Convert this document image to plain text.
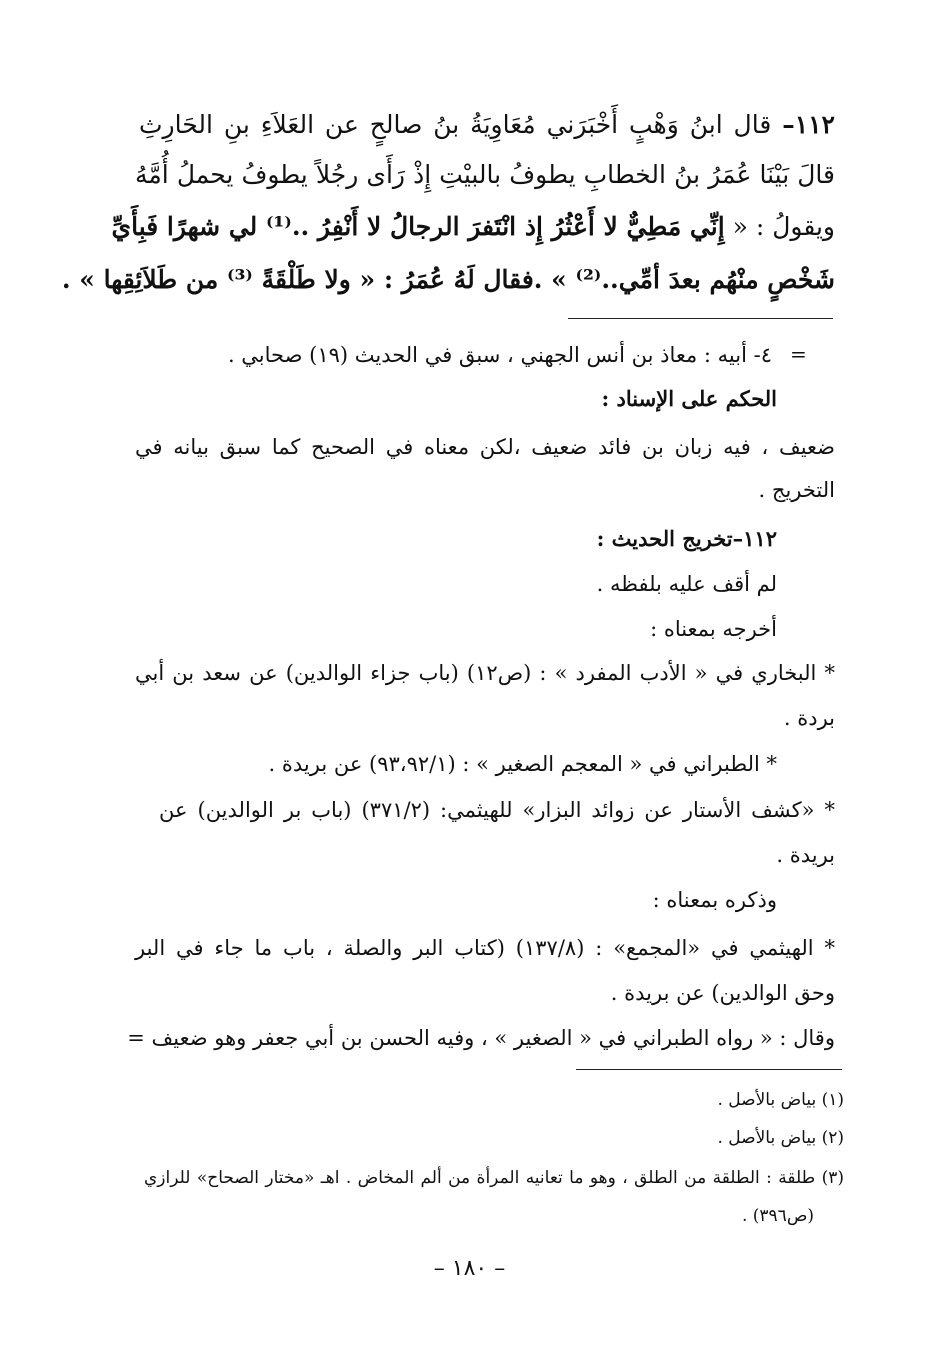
١١٢– قال ابنُ وَهْبٍ أَخْبَرَني مُعَاوِيَةُ بنُ صالحٍ عن العَلاَءِ بنِ الحَارِثِ
قالَ بَيْنَا عُمَرُ بنُ الخطابِ يطوفُ بالبيْتِ إِذْ رَأَى رجُلاً يطوفُ يحملُ أُمَّهُ
ويقولُ : « إِنِّي مَطِيٌّ لا أَعْثُرُ إِذ انْتَفرَ الرجالُ لا أَنْفِرُ ..⁽¹⁾ لي شهرًا فَبِأَيِّ
شَخْصٍ منْهُم بعدَ أمِّي..⁽²⁾ » .فقال لَهُ عُمَرُ : « ولا طَلْقَةً ⁽³⁾ من طَلاَئِقِها » .
=
٤- أبيه : معاذ بن أنس الجهني ، سبق في الحديث (١٩) صحابي .
الحكم على الإسناد :
ضعيف ، فيه زبان بن فائد ضعيف ،لكن معناه في الصحيح كما سبق بيانه في
التخريج .
١١٢–تخريج الحديث :
لم أقف عليه بلفظه .
أخرجه بمعناه :
* البخاري في « الأدب المفرد » : (ص١٢) (باب جزاء الوالدين) عن سعد بن أبي
بردة .
* الطبراني في « المعجم الصغير » : (٩٣،٩٢/١) عن بريدة .
* «كشف الأستار عن زوائد البزار» للهيثمي: (٣٧١/٢) (باب بر الوالدين) عن
بريدة .
وذكره بمعناه :
* الهيثمي في «المجمع» : (١٣٧/٨) (كتاب البر والصلة ، باب ما جاء في البر
وحق الوالدين) عن بريدة .
وقال : « رواه الطبراني في « الصغير » ، وفيه الحسن بن أبي جعفر وهو ضعيف =
(١) بياض بالأصل .
(٢) بياض بالأصل .
(٣) طلقة : الطلقة من الطلق ، وهو ما تعانيه المرأة من ألم المخاض . اهـ «مختار الصحاح» للرازي
(ص٣٩٦) .
– ١٨٠ –
